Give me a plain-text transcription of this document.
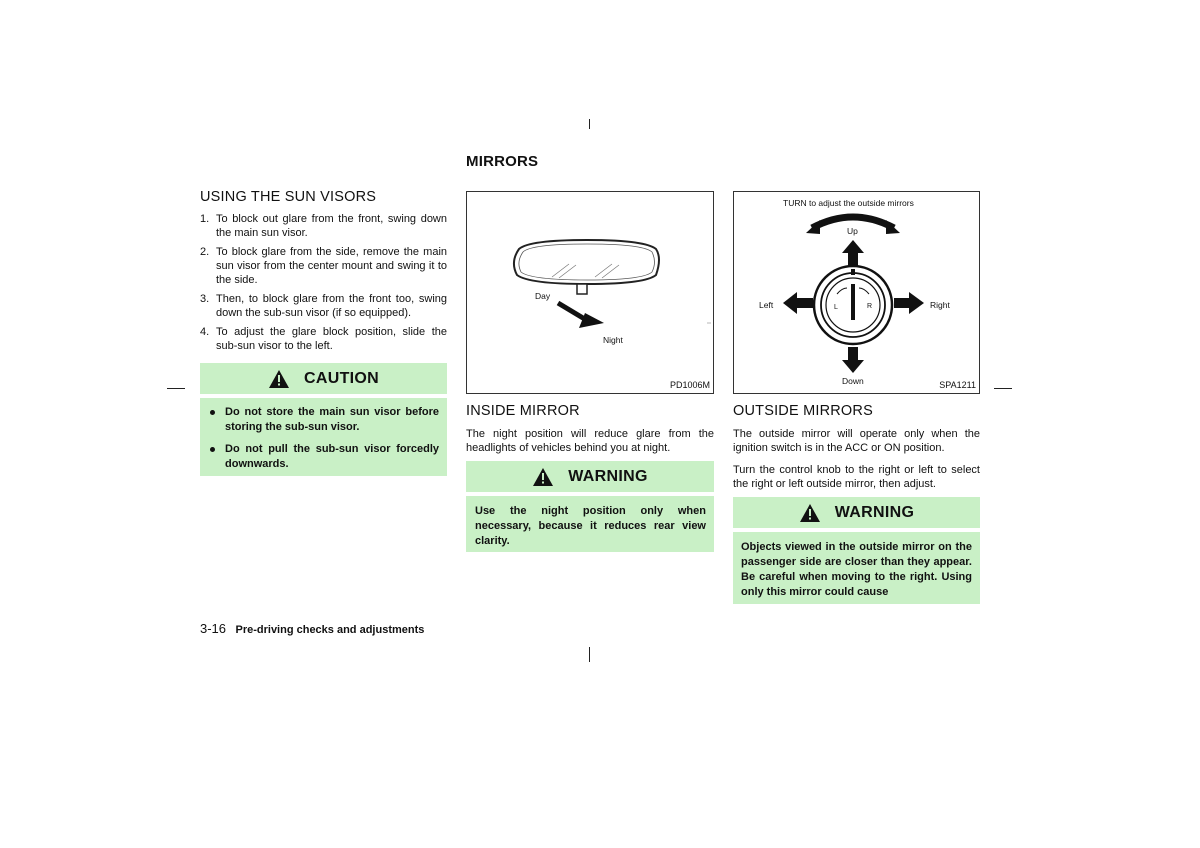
MIRRORS
USING THE SUN VISORS
1. To block out glare from the front, swing down the main sun visor.
2. To block glare from the side, remove the main sun visor from the center mount and swing it to the side.
3. Then, to block glare from the front too, swing down the sub-sun visor (if so equipped).
4. To adjust the glare block position, slide the sub-sun visor to the left.
CAUTION
Do not store the main sun visor before storing the sub-sun visor.
Do not pull the sub-sun visor forcedly downwards.
Day
Night
PD1006M
INSIDE MIRROR
The night position will reduce glare from the headlights of vehicles behind you at night.
WARNING
Use the night position only when necessary, because it reduces rear view clarity.
TURN to adjust the outside mirrors
Up
Down
Left	Right
L	R
SPA1211
OUTSIDE MIRRORS
The outside mirror will operate only when the ignition switch is in the ACC or ON position.
Turn the control knob to the right or left to select the right or left outside mirror, then adjust.
WARNING
Objects viewed in the outside mirror on the passenger side are closer than they appear. Be careful when moving to the right. Using only this mirror could cause
3-16 Pre-driving checks and adjustments
